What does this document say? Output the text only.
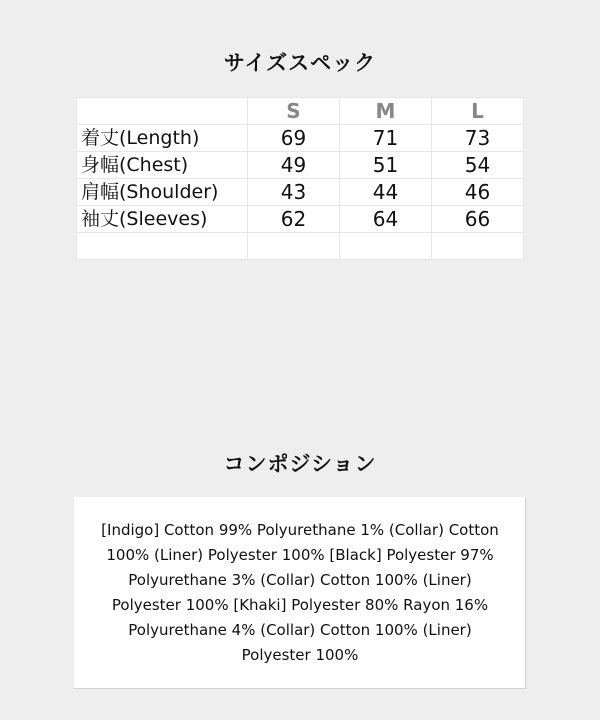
サイズスペック
	S	M	L
着丈(Length)	69	71	73
身幅(Chest)	49	51	54
肩幅(Shoulder)	43	44	46
袖丈(Sleeves)	62	64	66

コンポジション
[Indigo] Cotton 99% Polyurethane 1% (Collar) Cotton
100% (Liner) Polyester 100% [Black] Polyester 97%
Polyurethane 3% (Collar) Cotton 100% (Liner)
Polyester 100% [Khaki] Polyester 80% Rayon 16%
Polyurethane 4% (Collar) Cotton 100% (Liner)
Polyester 100%
